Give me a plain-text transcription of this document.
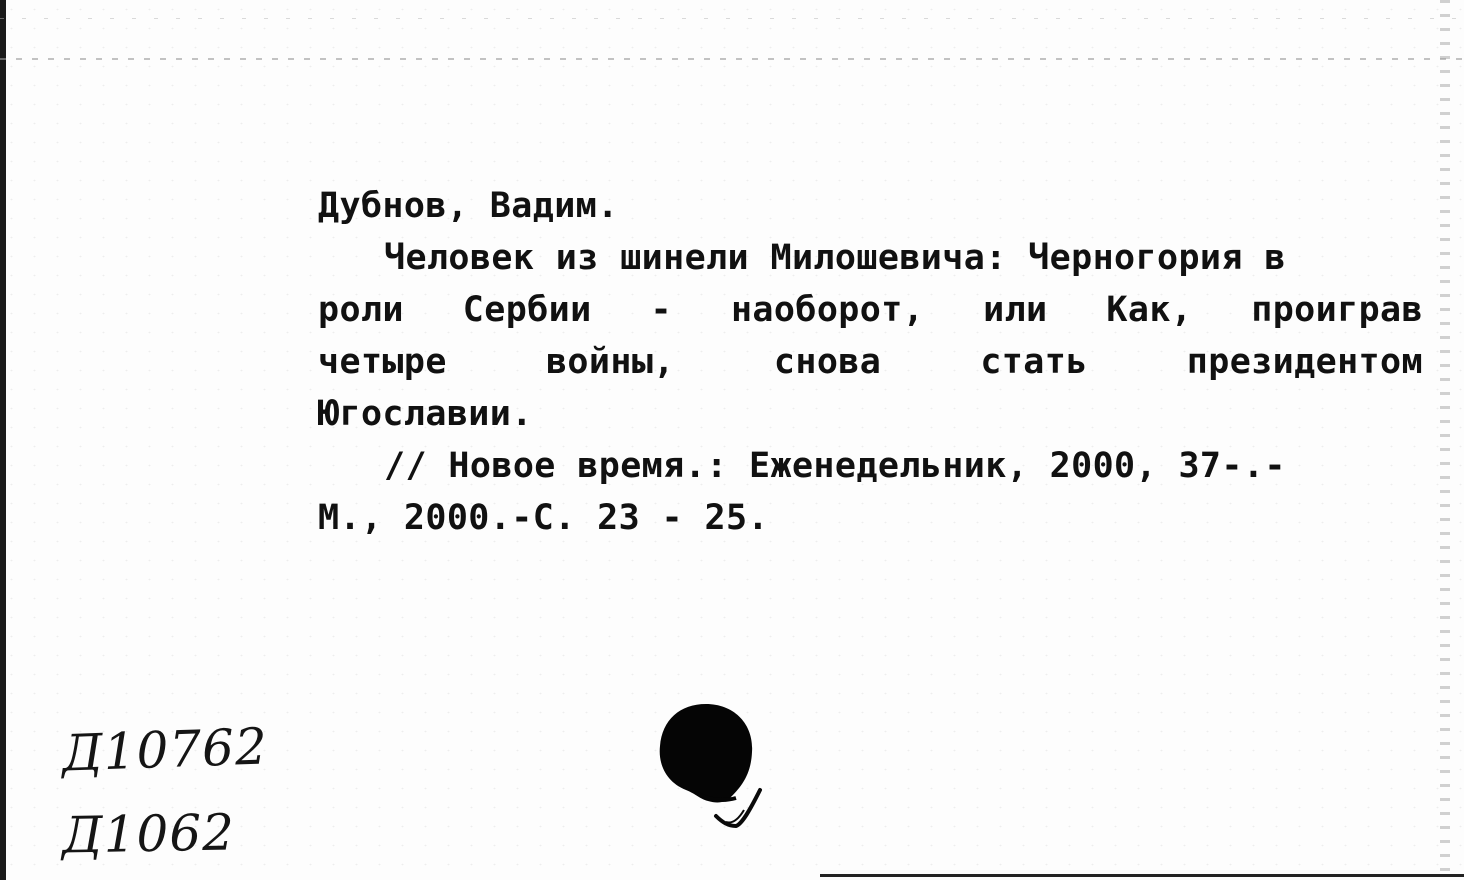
Дубнов, Вадим.
Человек из шинели Милошевича: Черногория в
роли Сербии - наоборот, или Как, проиграв
четыре	войны,	снова	стать	президентом
Югославии.
// Новое время.: Еженедельник, 2000, 37-.-
М., 2000.-С. 23 - 25.
Д10762
Д1062
